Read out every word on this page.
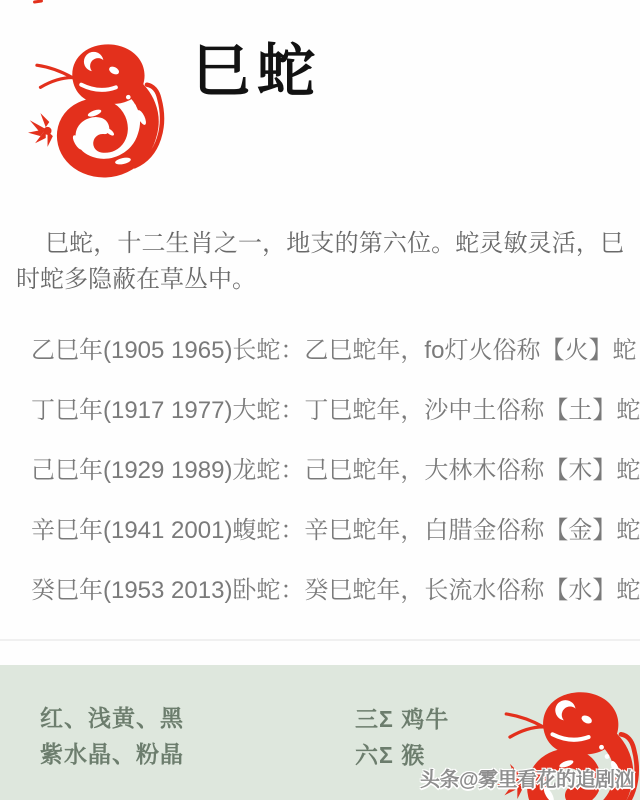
巳蛇
巳蛇，十二生肖之一，地支的第六位。蛇灵敏灵活，巳时蛇多隐蔽在草丛中。
乙巳年(1905 1965)长蛇：乙巳蛇年，fo灯火俗称【火】蛇
丁巳年(1917 1977)大蛇：丁巳蛇年，沙中土俗称【土】蛇
己巳年(1929 1989)龙蛇：己巳蛇年，大林木俗称【木】蛇
辛巳年(1941 2001)蝮蛇：辛巳蛇年，白腊金俗称【金】蛇
癸巳年(1953 2013)卧蛇：癸巳蛇年，长流水俗称【水】蛇
红、浅黄、黑
紫水晶、粉晶
三Σ 鸡牛
六Σ 猴
头条@雾里看花的追剧汹
